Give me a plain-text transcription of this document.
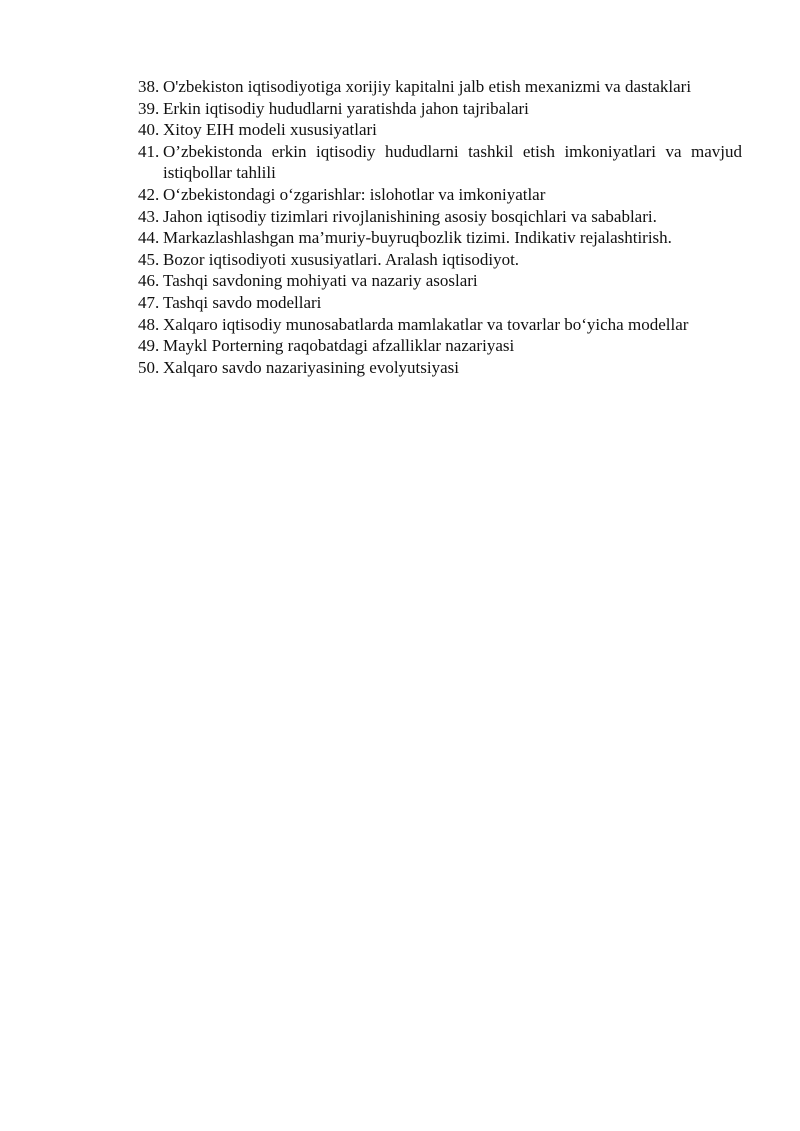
38. O'zbekiston iqtisodiyotiga xorijiy kapitalni jalb etish mexanizmi va dastaklari
39. Erkin iqtisodiy hududlarni yaratishda jahon tajribalari
40. Xitoy EIH modeli xususiyatlari
41. O’zbekistonda erkin iqtisodiy hududlarni tashkil etish imkoniyatlari va mavjud istiqbollar tahlili
42. O‘zbekistondagi o‘zgarishlar: islohotlar va imkoniyatlar
43. Jahon iqtisodiy tizimlari rivojlanishining asosiy bosqichlari va sabablari.
44. Markazlashlashgan ma’muriy-buyruqbozlik tizimi. Indikativ rejalashtirish.
45. Bozor iqtisodiyoti xususiyatlari. Aralash iqtisodiyot.
46. Tashqi savdoning mohiyati va nazariy asoslari
47. Tashqi savdo modellari
48. Xalqaro iqtisodiy munosabatlarda mamlakatlar va tovarlar bo‘yicha modellar
49. Maykl Porterning raqobatdagi afzalliklar nazariyasi
50. Xalqaro savdo nazariyasining evolyutsiyasi
